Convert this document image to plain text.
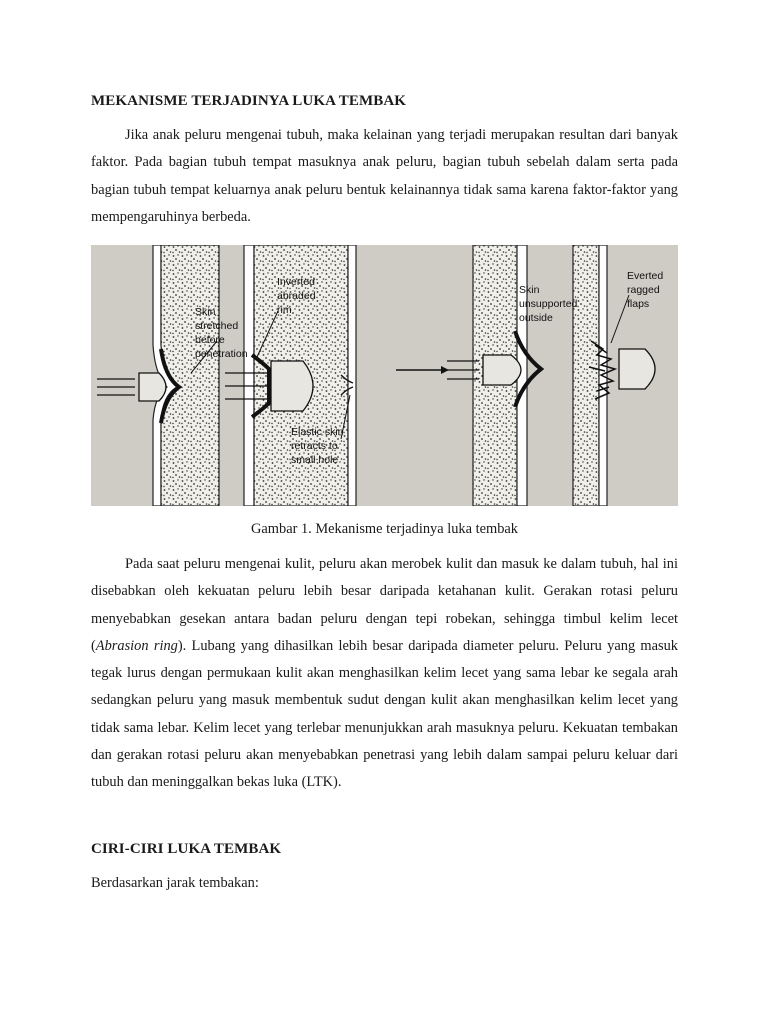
MEKANISME TERJADINYA LUKA TEMBAK

Jika anak peluru mengenai tubuh, maka kelainan yang terjadi merupakan resultan dari banyak faktor. Pada bagian tubuh tempat masuknya anak peluru, bagian tubuh sebelah dalam serta pada bagian tubuh tempat keluarnya anak peluru bentuk kelainannya tidak sama karena faktor-faktor yang mempengaruhinya berbeda.

Skin stretched before penetration
Inverted abraded rim
Elastic skin retracts to small hole
Skin unsupported outside
Everted ragged flaps

Gambar 1. Mekanisme terjadinya luka tembak

Pada saat peluru mengenai kulit, peluru akan merobek kulit dan masuk ke dalam tubuh, hal ini disebabkan oleh kekuatan peluru lebih besar daripada ketahanan kulit. Gerakan rotasi peluru menyebabkan gesekan antara badan peluru dengan tepi robekan, sehingga timbul kelim lecet (Abrasion ring). Lubang yang dihasilkan lebih besar daripada diameter peluru. Peluru yang masuk tegak lurus dengan permukaan kulit akan menghasilkan kelim lecet yang sama lebar ke segala arah sedangkan peluru yang masuk membentuk sudut dengan kulit akan menghasilkan kelim lecet yang tidak sama lebar. Kelim lecet yang terlebar menunjukkan arah masuknya peluru. Kekuatan tembakan dan gerakan rotasi peluru akan menyebabkan penetrasi yang lebih dalam sampai peluru keluar dari tubuh dan meninggalkan bekas luka (LTK).

CIRI-CIRI LUKA TEMBAK

Berdasarkan jarak tembakan:
